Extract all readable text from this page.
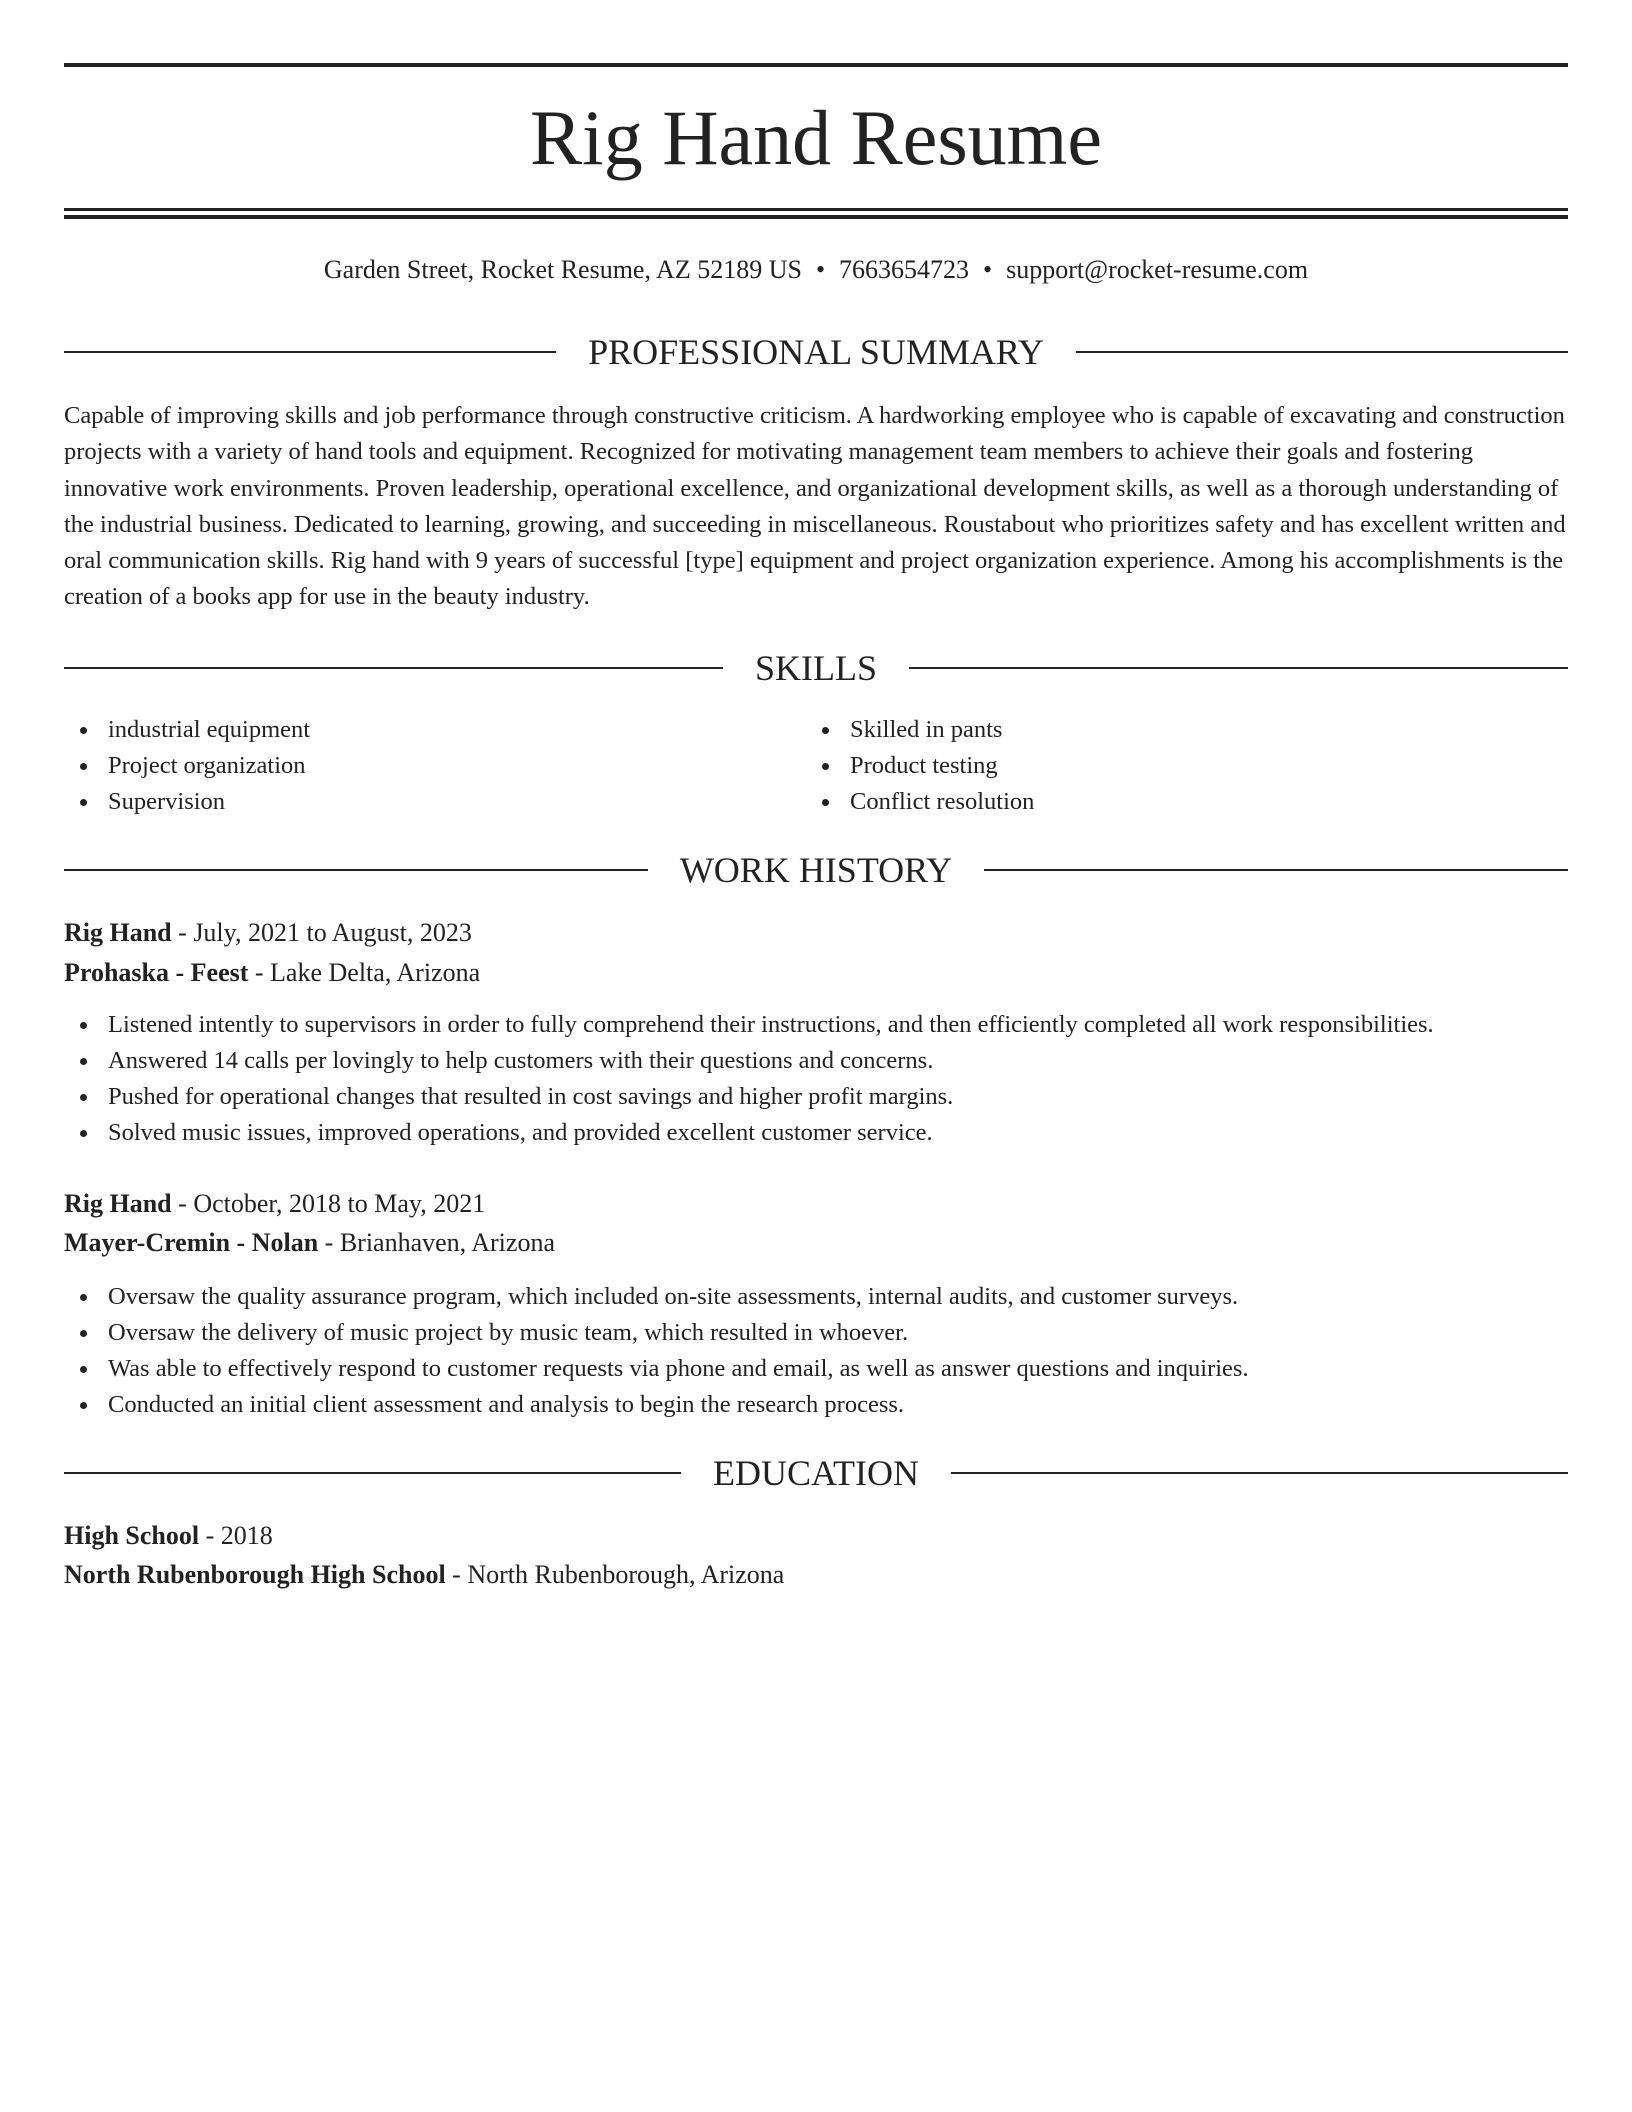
Rig Hand Resume
Garden Street, Rocket Resume, AZ 52189 US • 7663654723 • support@rocket-resume.com
PROFESSIONAL SUMMARY

Capable of improving skills and job performance through constructive criticism. A hardworking employee who is capable of excavating and construction projects with a variety of hand tools and equipment. Recognized for motivating management team members to achieve their goals and fostering innovative work environments. Proven leadership, operational excellence, and organizational development skills, as well as a thorough understanding of the industrial business. Dedicated to learning, growing, and succeeding in miscellaneous. Roustabout who prioritizes safety and has excellent written and oral communication skills. Rig hand with 9 years of successful [type] equipment and project organization experience. Among his accomplishments is the creation of a books app for use in the beauty industry.

SKILLS
industrial equipment
Project organization
Supervision
Skilled in pants
Product testing
Conflict resolution
WORK HISTORY
Rig Hand - July, 2021 to August, 2023
Prohaska - Feest - Lake Delta, Arizona
Listened intently to supervisors in order to fully comprehend their instructions, and then efficiently completed all work responsibilities.
Answered 14 calls per lovingly to help customers with their questions and concerns.
Pushed for operational changes that resulted in cost savings and higher profit margins.
Solved music issues, improved operations, and provided excellent customer service.
Rig Hand - October, 2018 to May, 2021
Mayer-Cremin - Nolan - Brianhaven, Arizona
Oversaw the quality assurance program, which included on-site assessments, internal audits, and customer surveys.
Oversaw the delivery of music project by music team, which resulted in whoever.
Was able to effectively respond to customer requests via phone and email, as well as answer questions and inquiries.
Conducted an initial client assessment and analysis to begin the research process.
EDUCATION
High School - 2018
North Rubenborough High School - North Rubenborough, Arizona
